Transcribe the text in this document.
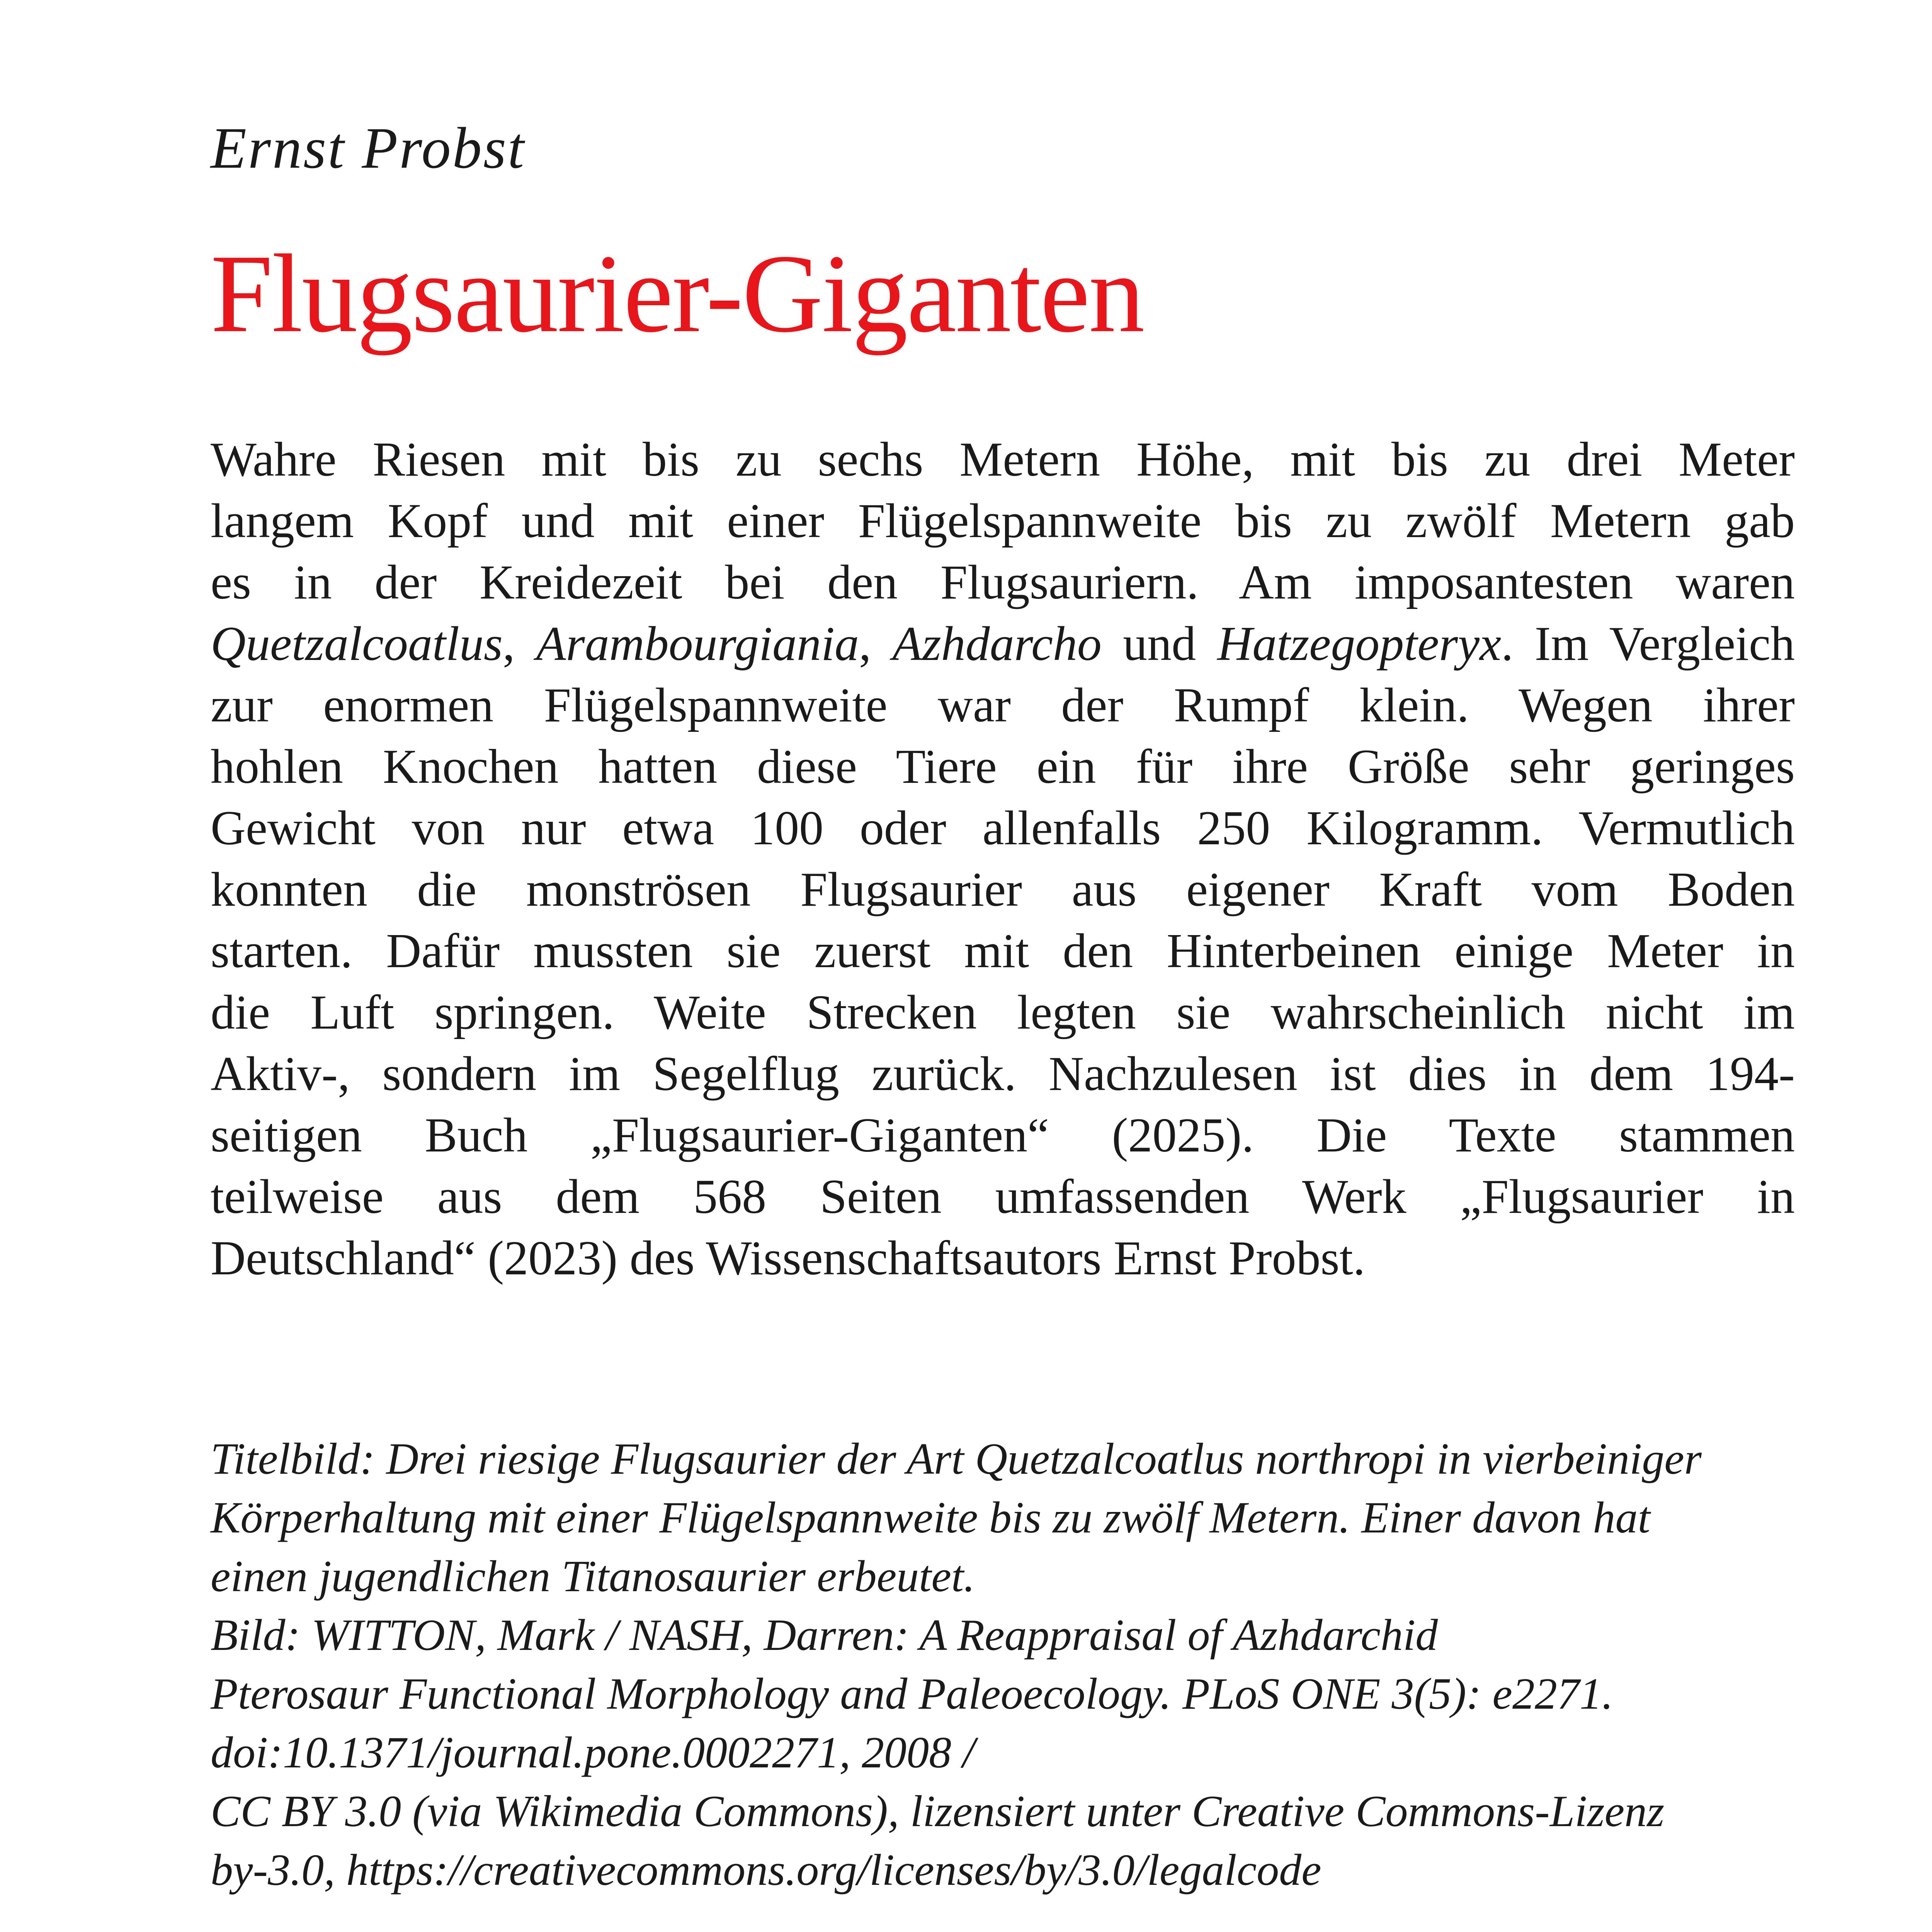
Ernst Probst
Flugsaurier-Giganten
Wahre Riesen mit bis zu sechs Metern Höhe, mit bis zu drei Meter
langem Kopf und mit einer Flügelspannweite bis zu zwölf Metern gab
es in der Kreidezeit bei den Flugsauriern. Am imposantesten waren
Quetzalcoatlus, Arambourgiania, Azhdarcho und Hatzegopteryx. Im Vergleich
zur enormen Flügelspannweite war der Rumpf klein. Wegen ihrer
hohlen Knochen hatten diese Tiere ein für ihre Größe sehr geringes
Gewicht von nur etwa 100 oder allenfalls 250 Kilogramm. Vermutlich
konnten die monströsen Flugsaurier aus eigener Kraft vom Boden
starten. Dafür mussten sie zuerst mit den Hinterbeinen einige Meter in
die Luft springen. Weite Strecken legten sie wahrscheinlich nicht im
Aktiv-, sondern im Segelflug zurück. Nachzulesen ist dies in dem 194-
seitigen Buch „Flugsaurier-Giganten“ (2025). Die Texte stammen
teilweise aus dem 568 Seiten umfassenden Werk „Flugsaurier in
Deutschland“ (2023) des Wissenschaftsautors Ernst Probst.
Titelbild: Drei riesige Flugsaurier der Art Quetzalcoatlus northropi in vierbeiniger
Körperhaltung mit einer Flügelspannweite bis zu zwölf Metern. Einer davon hat
einen jugendlichen Titanosaurier erbeutet.
Bild: WITTON, Mark / NASH, Darren: A Reappraisal of Azhdarchid
Pterosaur Functional Morphology and Paleoecology. PLoS ONE 3(5): e2271.
doi:10.1371/journal.pone.0002271, 2008 /
CC BY 3.0 (via Wikimedia Commons), lizensiert unter Creative Commons-Lizenz
by-3.0, https://creativecommons.org/licenses/by/3.0/legalcode
